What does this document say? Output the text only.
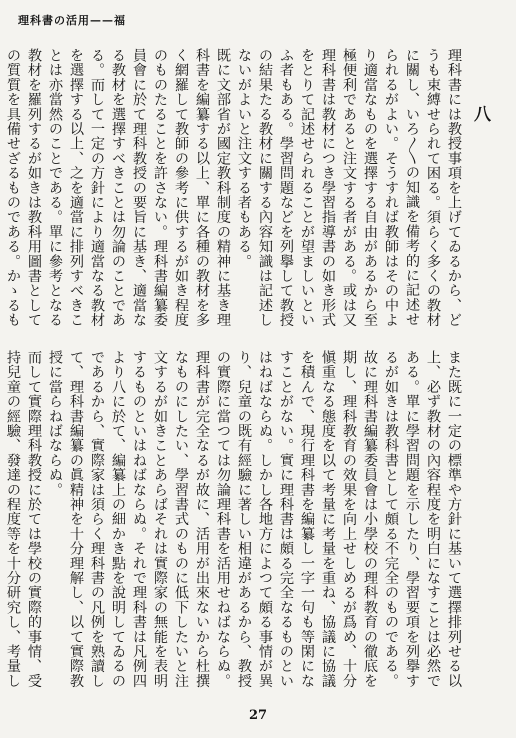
理科書の活用——福
八

理科書には教授事項を上げてゐるから、どうも束縛せられて困る。須らく多くの教材に關し、いろ〳〵の知識を備考的に記述せられるがよい。そうすれば教師はその中より適當なものを選擇する自由があるから至極便利であると注文する者がある。或は又理科書は教材につき學習指導書の如き形式をとりて記述せられることが望ましいといふ者もある。學習問題などを列擧して教授の結果たる教材に關する內容知識は記述しないがよいと注文する者もある。

既に文部省が國定教科制度の精神に基き理科書を編纂する以上、單に各種の教材を多く網羅して教師の參考に供するが如き程度のものたることを許さない。理科書編纂委員會に於て理科教授の要旨に基き、適當なる教材を選擇すべきことは勿論のことである。而して一定の方針により適當なる教材を選擇する以上、之を適當に排列すべきことは亦當然のことである。單に參考となる教材を羅列するが如きは教科用圖書としての質質を具備せざるものである。かゝるも

また既に一定の標準や方針に基いて選擇排列せる以上、必ず教材の內容程度を明白になすことは必然である。單に學習問題を示したり、學習要項を列擧するが如きは教科書として頗る不完全のものである。故に理科書編纂委員會は小學校の理科教育の徹底を期し、理科教育の效果を向上せしめるが爲め、十分愼重なる態度を以て考量に考量を重ね、協議に協議を積んで、現行理科書を編纂し一字一句も等閑になすことがない。實に理科書は頗る完全なるものといはねばならぬ。しかし各地方によつて頗る事情が異り、兒童の既有經驗に著しい相違があるから、教授の實際に當つては勿論理科書を活用せねばならぬ。理科書が完全なるが故に、活用が出來ないから杜撰なものにしたい、學習書式のものに低下したいと注文するが如きことあらばそれは實際家の無能を表明するものといはねばならぬ。それで理科書は凡例四より八に於て、編纂上の細かき點を說明してゐるのであるから、實際家は須らく理科書の凡例を熟讀して、理科書編纂の眞精神を十分理解し、以て實際教授に當らねばならぬ。

而して實際理科教授に於ては學校の實際的事情、受持兒童の經驗、發達の程度等を十分研究し、考量し

27
